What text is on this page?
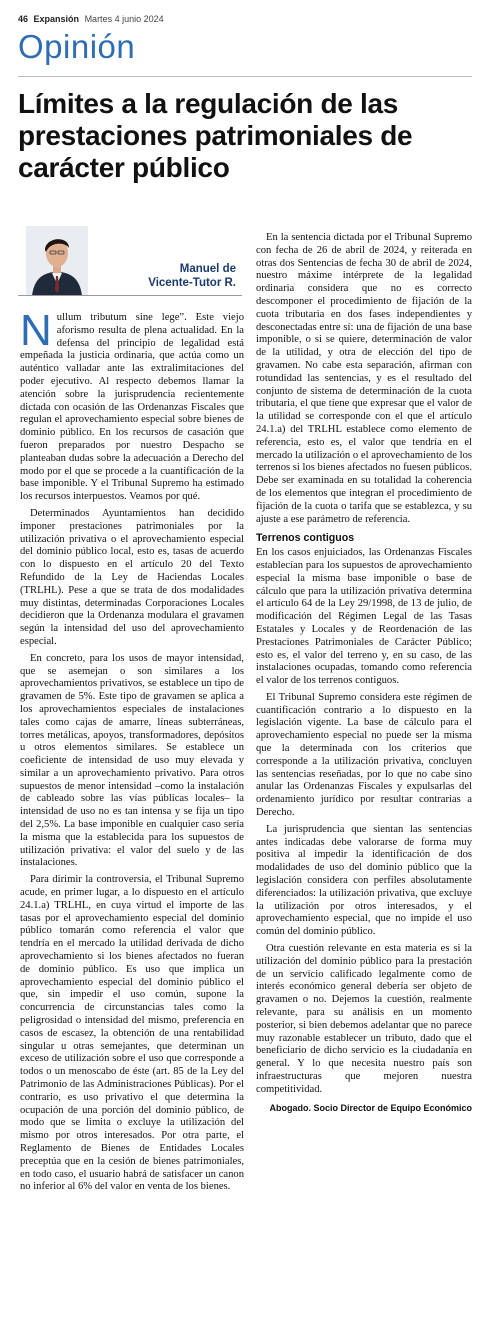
46 Expansión Martes 4 junio 2024
Opinión
Límites a la regulación de las prestaciones patrimoniales de carácter público
Manuel de
Vicente-Tutor R.

Nullum tributum sine lege”. Este viejo aforismo resulta de plena actualidad. En la defensa del principio de legalidad está empeñada la justicia ordinaria, que actúa como un auténtico valladar ante las extralimitaciones del poder ejecutivo. Al respecto debemos llamar la atención sobre la jurisprudencia recientemente dictada con ocasión de las Ordenanzas Fiscales que regulan el aprovechamiento especial sobre bienes de dominio público. En los recursos de casación que fueron preparados por nuestro Despacho se planteaban dudas sobre la adecuación a Derecho del modo por el que se procede a la cuantificación de la base imponible. Y el Tribunal Supremo ha estimado los recursos interpuestos. Veamos por qué.

Determinados Ayuntamientos han decidido imponer prestaciones patrimoniales por la utilización privativa o el aprovechamiento especial del dominio público local, esto es, tasas de acuerdo con lo dispuesto en el artículo 20 del Texto Refundido de la Ley de Haciendas Locales (TRLHL). Pese a que se trata de dos modalidades muy distintas, determinadas Corporaciones Locales decidieron que la Ordenanza modulara el gravamen según la intensidad del uso del aprovechamiento especial.

En concreto, para los usos de mayor intensidad, que se asemejan o son similares a los aprovechamientos privativos, se establece un tipo de gravamen de 5%. Este tipo de gravamen se aplica a los aprovechamientos especiales de instalaciones tales como cajas de amarre, líneas subterráneas, torres metálicas, apoyos, transformadores, depósitos u otros elementos similares. Se establece un coeficiente de intensidad de uso muy elevada y similar a un aprovechamiento privativo. Para otros supuestos de menor intensidad –como la instalación de cableado sobre las vías públicas locales– la intensidad de uso no es tan intensa y se fija un tipo del 2,5%. La base imponible en cualquier caso sería la misma que la establecida para los supuestos de utilización privativa: el valor del suelo y de las instalaciones.

Para dirimir la controversia, el Tribunal Supremo acude, en primer lugar, a lo dispuesto en el artículo 24.1.a) TRLHL, en cuya virtud el importe de las tasas por el aprovechamiento especial del dominio público tomarán como referencia el valor que tendría en el mercado la utilidad derivada de dicho aprovechamiento si los bienes afectados no fueran de dominio público. Es uso que implica un aprovechamiento especial del dominio público el que, sin impedir el uso común, supone la concurrencia de circunstancias tales como la peligrosidad o intensidad del mismo, preferencia en casos de escasez, la obtención de una rentabilidad singular u otras semejantes, que determinan un exceso de utilización sobre el uso que corresponde a todos o un menoscabo de éste (art. 85 de la Ley del Patrimonio de las Administraciones Públicas). Por el contrario, es uso privativo el que determina la ocupación de una porción del dominio público, de modo que se limita o excluye la utilización del mismo por otros interesados. Por otra parte, el Reglamento de Bienes de Entidades Locales preceptúa que en la cesión de bienes patrimoniales, en todo caso, el usuario habrá de satisfacer un canon no inferior al 6% del valor en venta de los bienes.

En la sentencia dictada por el Tribunal Supremo con fecha de 26 de abril de 2024, y reiterada en otras dos Sentencias de fecha 30 de abril de 2024, nuestro máxime intérprete de la legalidad ordinaria considera que no es correcto descomponer el procedimiento de fijación de la cuota tributaria en dos fases independientes y desconectadas entre sí: una de fijación de una base imponible, o si se quiere, determinación de valor de la utilidad, y otra de elección del tipo de gravamen. No cabe esta separación, afirman con rotundidad las sentencias, y es el resultado del conjunto de sistema de determinación de la cuota tributaria, el que tiene que expresar que el valor de la utilidad se corresponde con el que el artículo 24.1.a) del TRLHL establece como elemento de referencia, esto es, el valor que tendría en el mercado la utilización o el aprovechamiento de los terrenos si los bienes afectados no fuesen públicos. Debe ser examinada en su totalidad la coherencia de los elementos que integran el procedimiento de fijación de la cuota o tarifa que se establezca, y su ajuste a ese parámetro de referencia.

Terrenos contiguos

En los casos enjuiciados, las Ordenanzas Fiscales establecían para los supuestos de aprovechamiento especial la misma base imponible o base de cálculo que para la utilización privativa determina el artículo 64 de la Ley 29/1998, de 13 de julio, de modificación del Régimen Legal de las Tasas Estatales y Locales y de Reordenación de las Prestaciones Patrimoniales de Carácter Público; esto es, el valor del terreno y, en su caso, de las instalaciones ocupadas, tomando como referencia el valor de los terrenos contiguos.

El Tribunal Supremo considera este régimen de cuantificación contrario a lo dispuesto en la legislación vigente. La base de cálculo para el aprovechamiento especial no puede ser la misma que la determinada con los criterios que corresponde a la utilización privativa, concluyen las sentencias reseñadas, por lo que no cabe sino anular las Ordenanzas Fiscales y expulsarlas del ordenamiento jurídico por resultar contrarias a Derecho.

La jurisprudencia que sientan las sentencias antes indicadas debe valorarse de forma muy positiva al impedir la identificación de dos modalidades de uso del dominio público que la legislación considera con perfiles absolutamente diferenciados: la utilización privativa, que excluye la utilización por otros interesados, y el aprovechamiento especial, que no impide el uso común del dominio público.

Otra cuestión relevante en esta materia es si la utilización del dominio público para la prestación de un servicio calificado legalmente como de interés económico general debería ser objeto de gravamen o no. Dejemos la cuestión, realmente relevante, para su análisis en un momento posterior, si bien debemos adelantar que no parece muy razonable establecer un tributo, dado que el beneficiario de dicho servicio es la ciudadanía en general. Y lo que necesita nuestro país son infraestructuras que mejoren nuestra competitividad.

Abogado. Socio Director de Equipo Económico
